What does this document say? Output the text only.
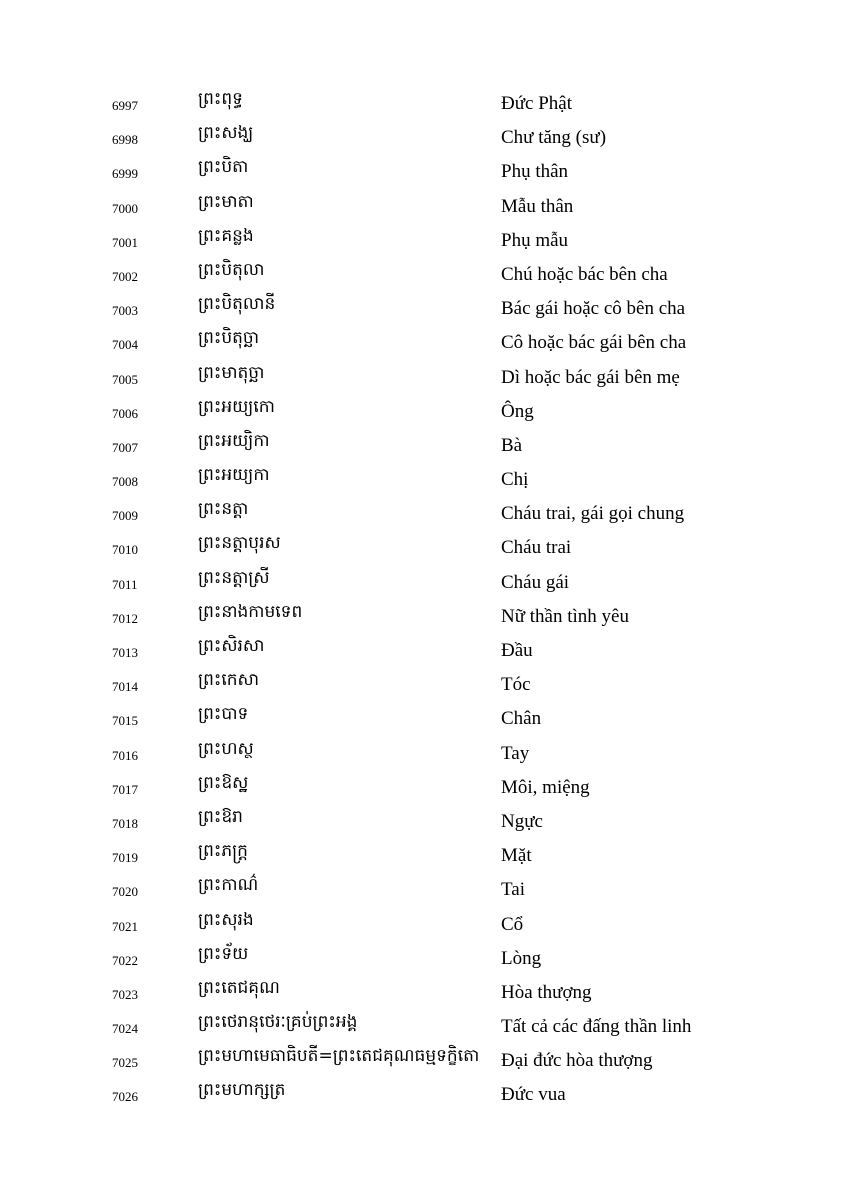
6997	ព្រះពុទ្ធ	Đức Phật
6998	ព្រះសង្ឃ	Chư tăng (sư)
6999	ព្រះបិតា	Phụ thân
7000	ព្រះមាតា	Mẫu thân
7001	ព្រះគន្លង	Phụ mẫu
7002	ព្រះបិតុលា	Chú hoặc bác bên cha
7003	ព្រះបិតុលានី	Bác gái hoặc cô bên cha
7004	ព្រះបិតុច្ឆា	Cô hoặc bác gái bên cha
7005	ព្រះមាតុច្ឆា	Dì hoặc bác gái bên mẹ
7006	ព្រះអយ្យកោ	Ông
7007	ព្រះអយ្យិកា	Bà
7008	ព្រះអយ្យកា	Chị
7009	ព្រះនត្តា	Cháu trai, gái gọi chung
7010	ព្រះនត្តាបុរស	Cháu trai
7011	ព្រះនត្តាស្រី	Cháu gái
7012	ព្រះនាងកាមទេព	Nữ thần tình yêu
7013	ព្រះសិរសា	Đầu
7014	ព្រះកេសា	Tóc
7015	ព្រះបាទ	Chân
7016	ព្រះហស្ថ	Tay
7017	ព្រះឱស្ឋ	Môi, miệng
7018	ព្រះឱរា	Ngực
7019	ព្រះភក្ត្រ	Mặt
7020	ព្រះកាណ៌	Tai
7021	ព្រះសុរង	Cổ
7022	ព្រះទ័យ	Lòng
7023	ព្រះតេជគុណ	Hòa thượng
7024	ព្រះថេរានុថេរៈគ្រប់ព្រះអង្គ	Tất cả các đấng thần linh
7025	ព្រះមហាមេធាធិបតី=ព្រះតេជគុណធម្មទក្ខិតោ Đại đức hòa thượng
7026	ព្រះមហាក្សត្រ	Đức vua
